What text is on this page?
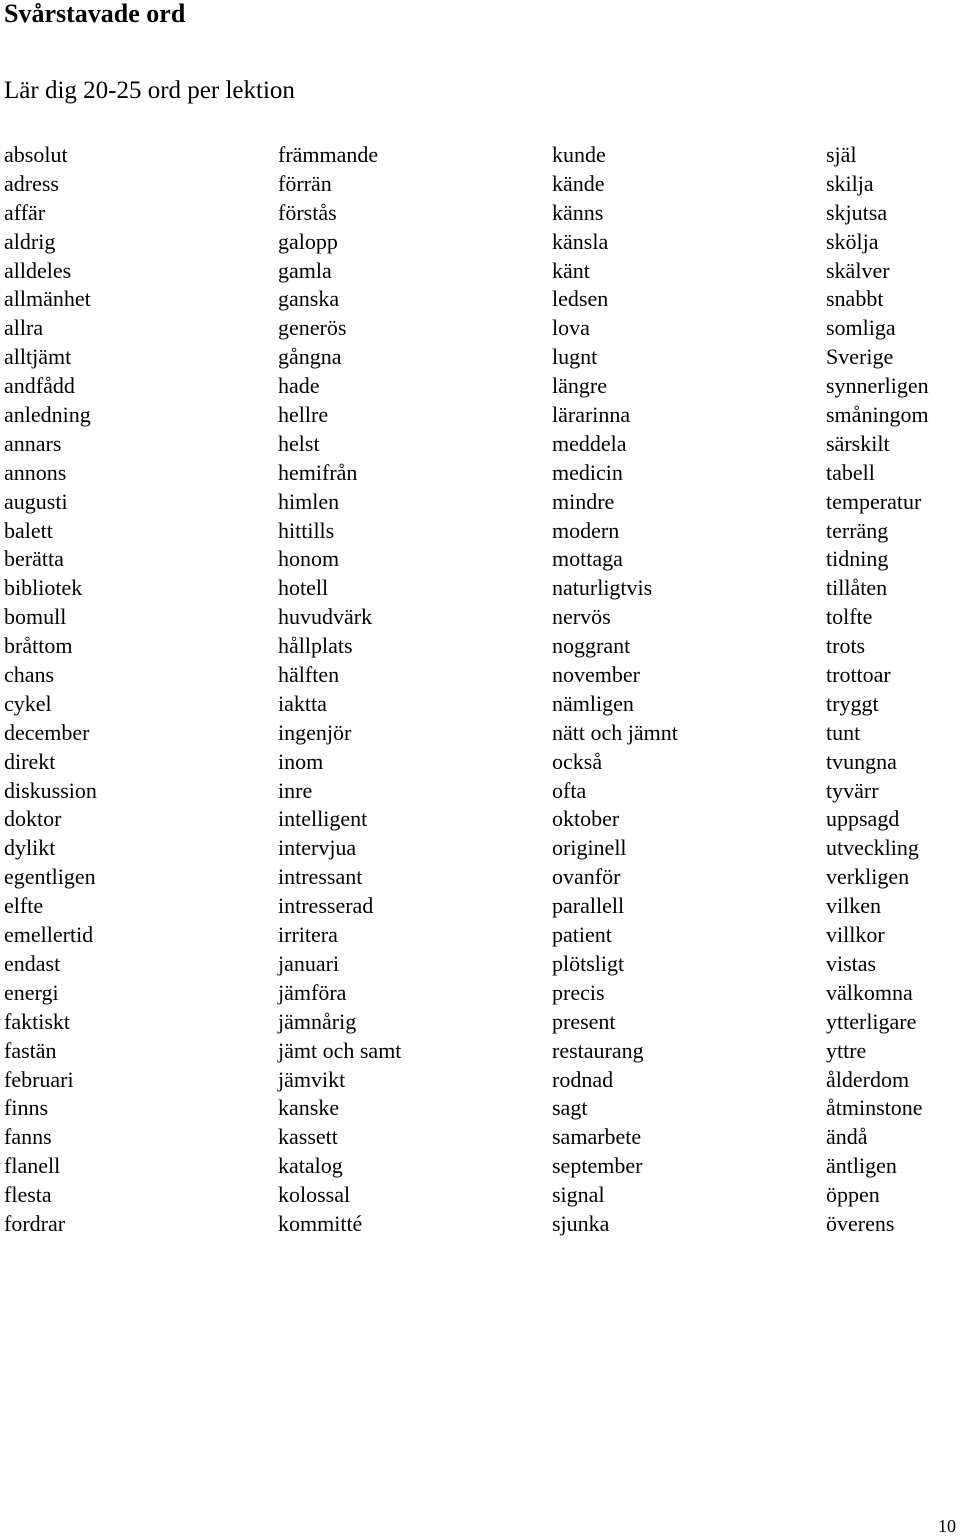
Svårstavade ord
Lär dig 20-25 ord per lektion
absolut
adress
affär
aldrig
alldeles
allmänhet
allra
alltjämt
andfådd
anledning
annars
annons
augusti
balett
berätta
bibliotek
bomull
bråttom
chans
cykel
december
direkt
diskussion
doktor
dylikt
egentligen
elfte
emellertid
endast
energi
faktiskt
fastän
februari
finns
fanns
flanell
flesta
fordrar
främmande
förrän
förstås
galopp
gamla
ganska
generös
gångna
hade
hellre
helst
hemifrån
himlen
hittills
honom
hotell
huvudvärk
hållplats
hälften
iaktta
ingenjör
inom
inre
intelligent
intervjua
intressant
intresserad
irritera
januari
jämföra
jämnårig
jämt och samt
jämvikt
kanske
kassett
katalog
kolossal
kommitté
kunde
kände
känns
känsla
känt
ledsen
lova
lugnt
längre
lärarinna
meddela
medicin
mindre
modern
mottaga
naturligtvis
nervös
noggrant
november
nämligen
nätt och jämnt
också
ofta
oktober
originell
ovanför
parallell
patient
plötsligt
precis
present
restaurang
rodnad
sagt
samarbete
september
signal
sjunka
själ
skilja
skjutsa
skölja
skälver
snabbt
somliga
Sverige
synnerligen
småningom
särskilt
tabell
temperatur
terräng
tidning
tillåten
tolfte
trots
trottoar
tryggt
tunt
tvungna
tyvärr
uppsagd
utveckling
verkligen
vilken
villkor
vistas
välkomna
ytterligare
yttre
ålderdom
åtminstone
ändå
äntligen
öppen
överens
10
